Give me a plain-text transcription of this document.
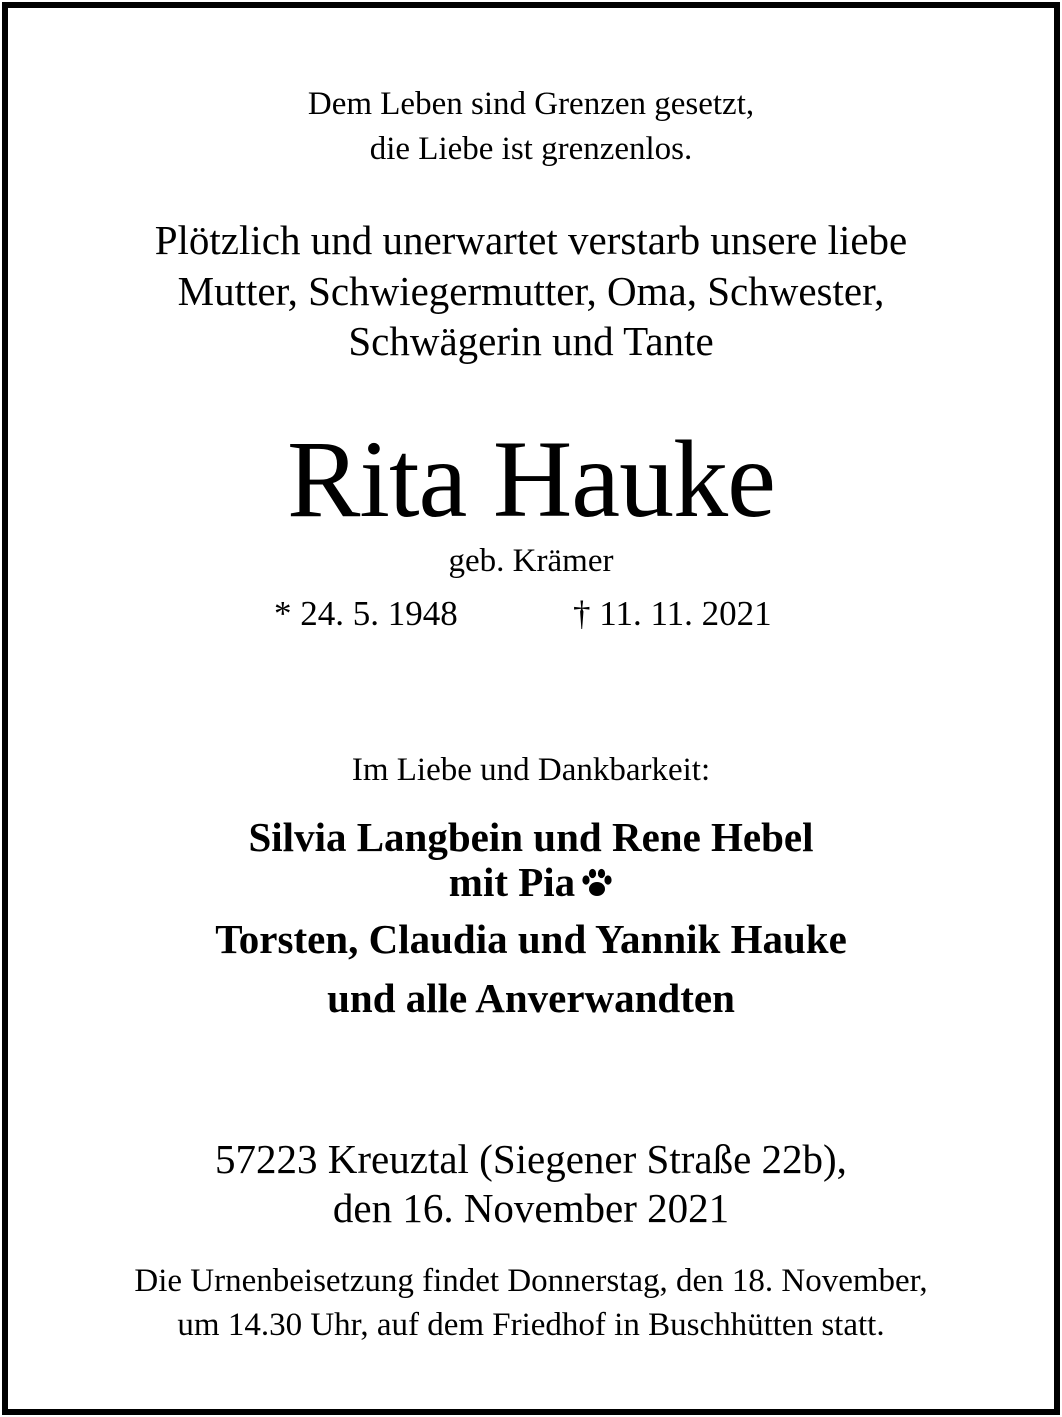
Dem Leben sind Grenzen gesetzt,
die Liebe ist grenzenlos.
Plötzlich und unerwartet verstarb unsere liebe
Mutter, Schwiegermutter, Oma, Schwester,
Schwägerin und Tante
Rita Hauke
geb. Krämer
* 24. 5. 1948	† 11. 11. 2021
Im Liebe und Dankbarkeit:
Silvia Langbein und Rene Hebel
mit Pia
Torsten, Claudia und Yannik Hauke
und alle Anverwandten
57223 Kreuztal (Siegener Straße 22b),
den 16. November 2021
Die Urnenbeisetzung findet Donnerstag, den 18. November,
um 14.30 Uhr, auf dem Friedhof in Buschhütten statt.
